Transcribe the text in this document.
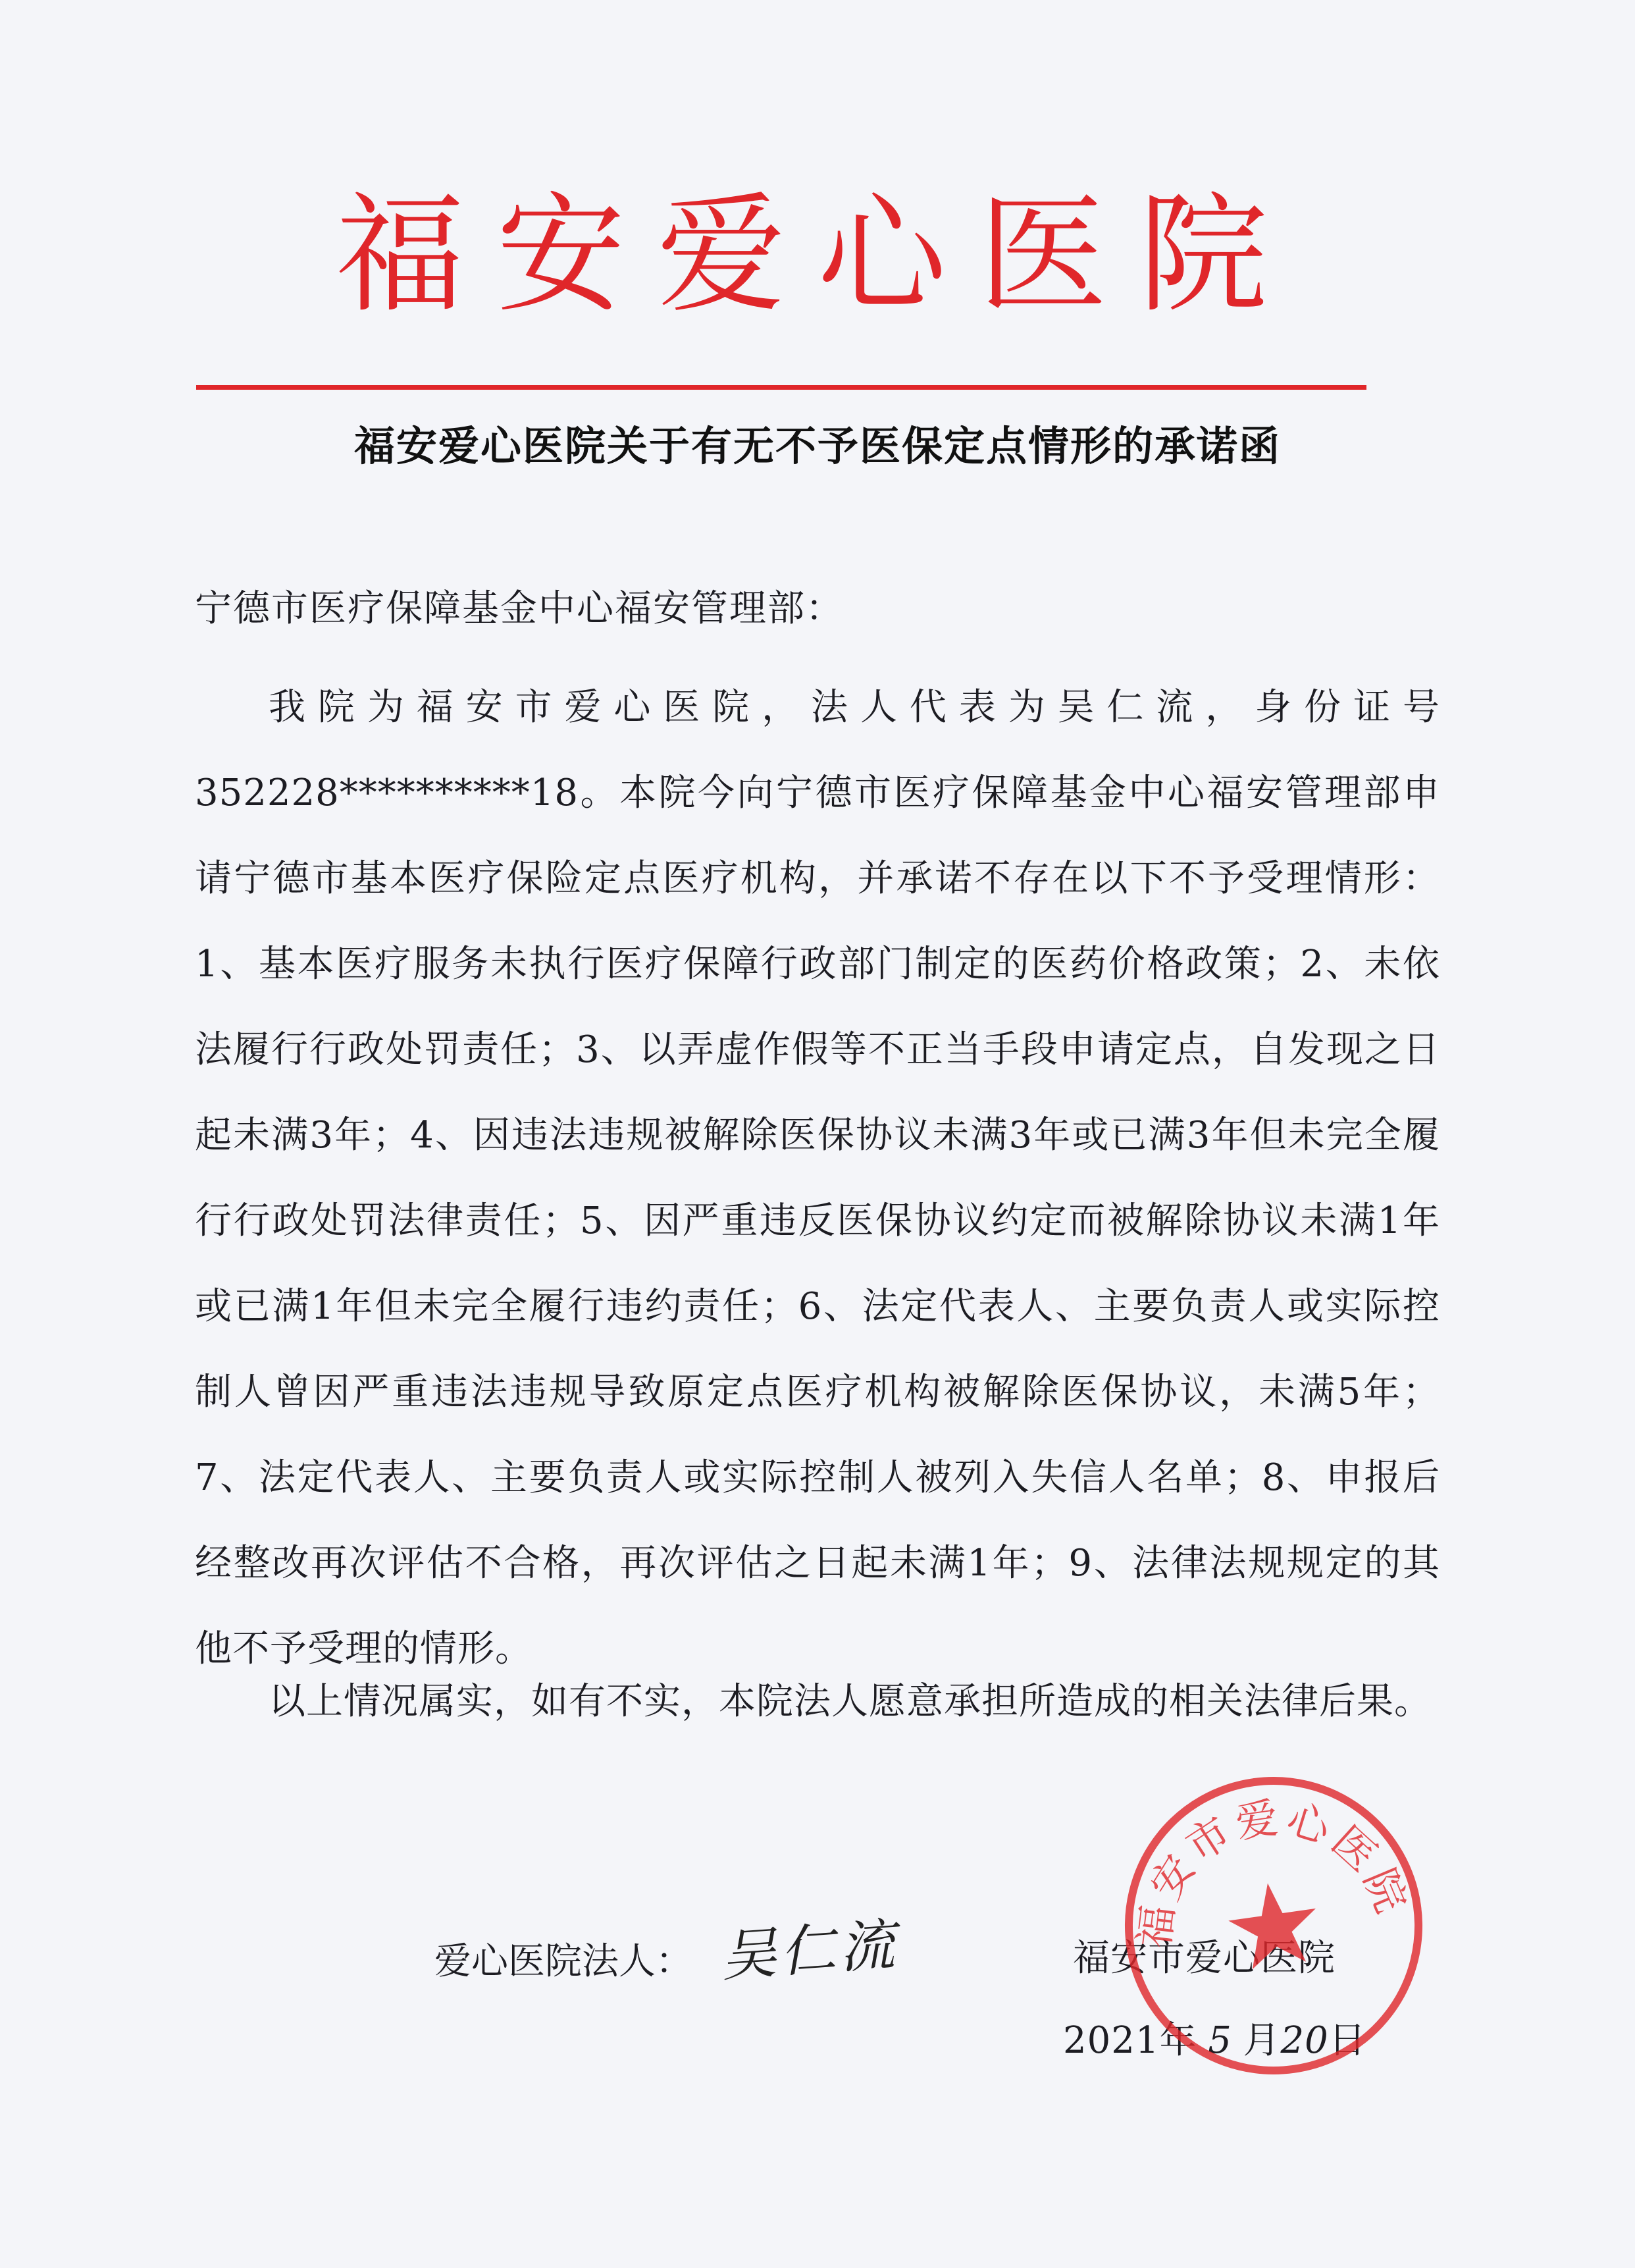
福安爱心医院
福安爱心医院关于有无不予医保定点情形的承诺函
宁德市医疗保障基金中心福安管理部：

我院为福安市爱心医院，法人代表为吴仁流，身份证号352228**********18。本院今向宁德市医疗保障基金中心福安管理部申请宁德市基本医疗保险定点医疗机构，并承诺不存在以下不予受理情形：1、基本医疗服务未执行医疗保障行政部门制定的医药价格政策；2、未依法履行行政处罚责任；3、以弄虚作假等不正当手段申请定点，自发现之日起未满3年；4、因违法违规被解除医保协议未满3年或已满3年但未完全履行行政处罚法律责任；5、因严重违反医保协议约定而被解除协议未满1年或已满1年但未完全履行违约责任；6、法定代表人、主要负责人或实际控制人曾因严重违法违规导致原定点医疗机构被解除医保协议，未满5年；7、法定代表人、主要负责人或实际控制人被列入失信人名单；8、申报后经整改再次评估不合格，再次评估之日起未满1年；9、法律法规规定的其他不予受理的情形。

以上情况属实，如有不实，本院法人愿意承担所造成的相关法律后果。
爱心医院法人： 吴仁流	福安市爱心医院
2021年 5 月20日
福安市爱心医院
